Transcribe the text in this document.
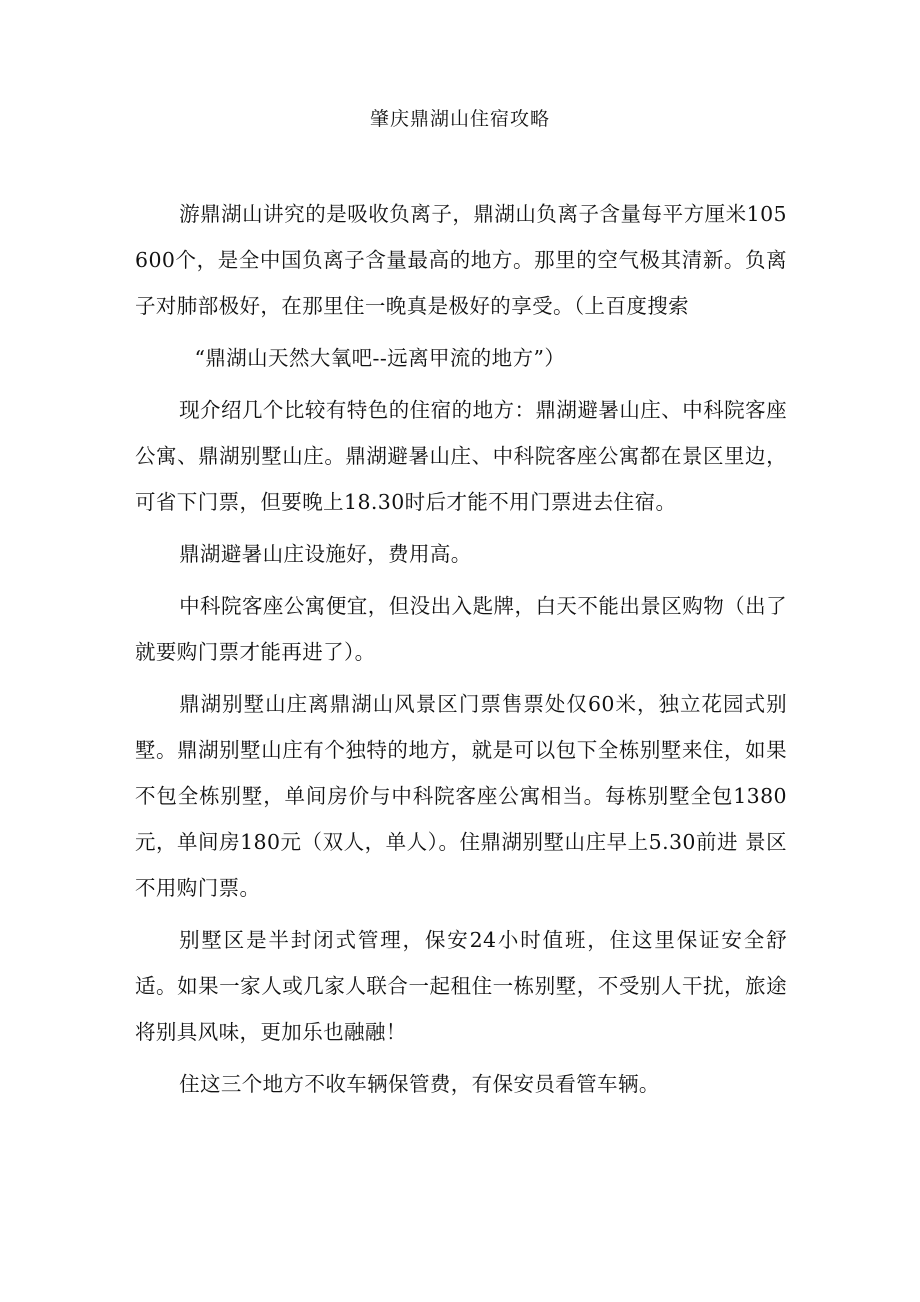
肇庆鼎湖山住宿攻略

游鼎湖山讲究的是吸收负离子，鼎湖山负离子含量每平方厘米105600个，是全中国负离子含量最高的地方。那里的空气极其清新。负离子对肺部极好，在那里住一晚真是极好的享受。（上百度搜索

“鼎湖山天然大氧吧--远离甲流的地方”）

现介绍几个比较有特色的住宿的地方：鼎湖避暑山庄、中科院客座公寓、鼎湖别墅山庄。鼎湖避暑山庄、中科院客座公寓都在景区里边，可省下门票，但要晚上18.30时后才能不用门票进去住宿。

鼎湖避暑山庄设施好，费用高。

中科院客座公寓便宜，但没出入匙牌，白天不能出景区购物（出了就要购门票才能再进了）。

鼎湖别墅山庄离鼎湖山风景区门票售票处仅60米，独立花园式别墅。鼎湖别墅山庄有个独特的地方，就是可以包下全栋别墅来住，如果不包全栋别墅，单间房价与中科院客座公寓相当。每栋别墅全包1380元，单间房180元（双人，单人）。住鼎湖别墅山庄早上5.30前进 景区不用购门票。

别墅区是半封闭式管理，保安24小时值班，住这里保证安全舒适。如果一家人或几家人联合一起租住一栋别墅，不受别人干扰，旅途将别具风味，更加乐也融融！

住这三个地方不收车辆保管费，有保安员看管车辆。
